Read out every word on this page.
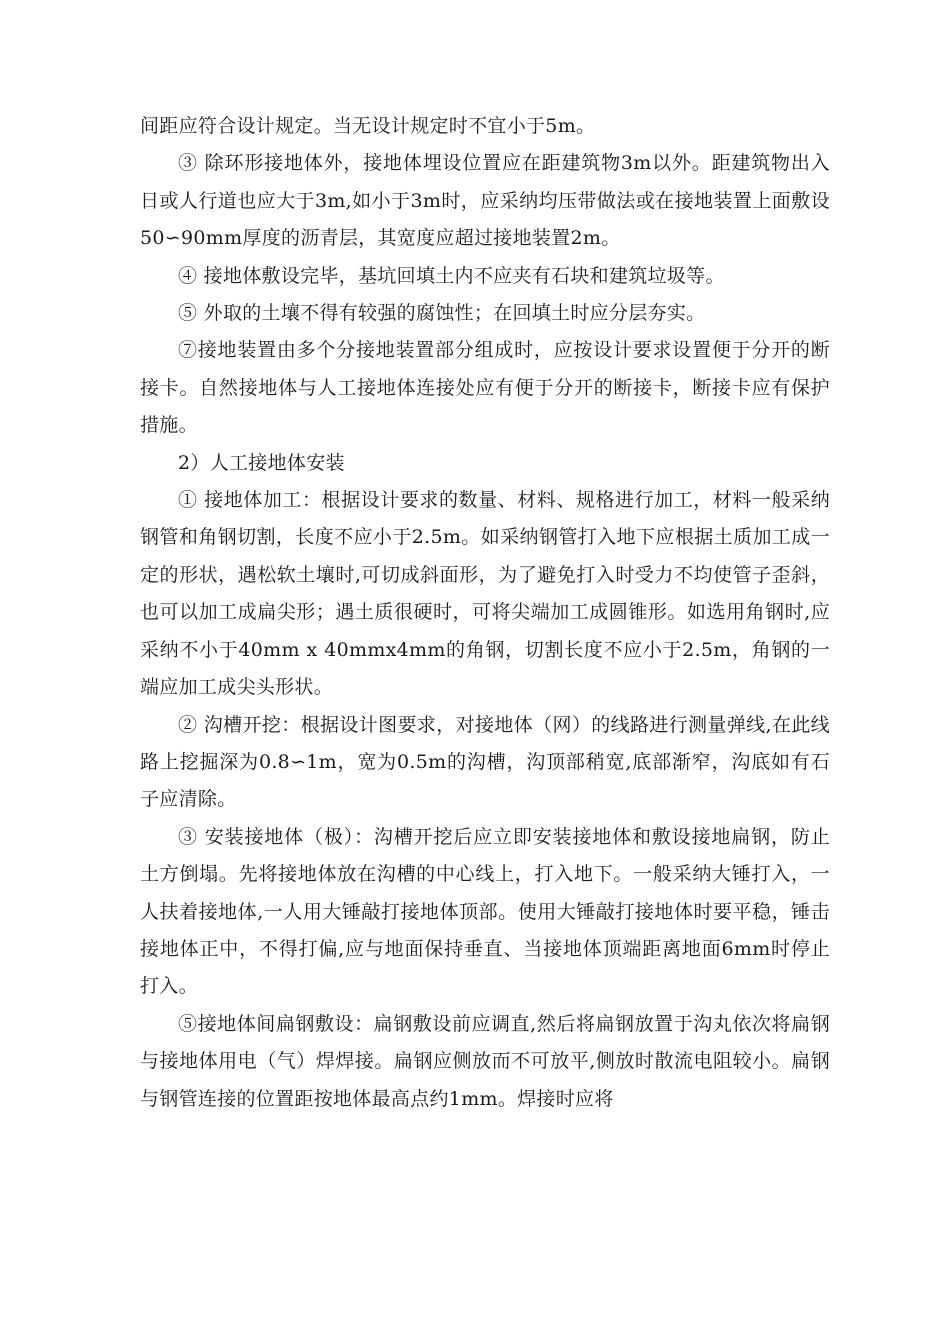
间距应符合设计规定。当无设计规定时不宜小于5m。

③ 除环形接地体外，接地体埋设位置应在距建筑物3m以外。距建筑物出入日或人行道也应大于3m,如小于3m时，应采纳均压带做法或在接地装置上面敷设50∽90mm厚度的沥青层，其宽度应超过接地装置2m。

④ 接地体敷设完毕，基坑回填土内不应夹有石块和建筑垃圾等。

⑤ 外取的土壤不得有较强的腐蚀性；在回填土时应分层夯实。

⑦接地装置由多个分接地装置部分组成时，应按设计要求设置便于分开的断接卡。自然接地体与人工接地体连接处应有便于分开的断接卡，断接卡应有保护措施。

2）人工接地体安装

① 接地体加工：根据设计要求的数量、材料、规格进行加工，材料一般采纳钢管和角钢切割，长度不应小于2.5m。如采纳钢管打入地下应根据土质加工成一定的形状，遇松软土壤时,可切成斜面形，为了避免打入时受力不均使管子歪斜，也可以加工成扁尖形；遇土质很硬时，可将尖端加工成圆锥形。如选用角钢时,应采纳不小于40mm x 40mmx4mm的角钢，切割长度不应小于2.5m，角钢的一端应加工成尖头形状。

② 沟槽开挖：根据设计图要求，对接地体（网）的线路进行测量弹线,在此线路上挖掘深为0.8∽1m，宽为0.5m的沟槽，沟顶部稍宽,底部渐窄，沟底如有石子应清除。

③ 安装接地体（极）：沟槽开挖后应立即安装接地体和敷设接地扁钢，防止土方倒塌。先将接地体放在沟槽的中心线上，打入地下。一般采纳大锤打入，一人扶着接地体,一人用大锤敲打接地体顶部。使用大锤敲打接地体时要平稳，锤击接地体正中，不得打偏,应与地面保持垂直、当接地体顶端距离地面6mm时停止打入。

⑤接地体间扁钢敷设：扁钢敷设前应调直,然后将扁钢放置于沟丸依次将扁钢与接地体用电（气）焊焊接。扁钢应侧放而不可放平,侧放时散流电阻较小。扁钢与钢管连接的位置距按地体最高点约1mm。焊接时应将
